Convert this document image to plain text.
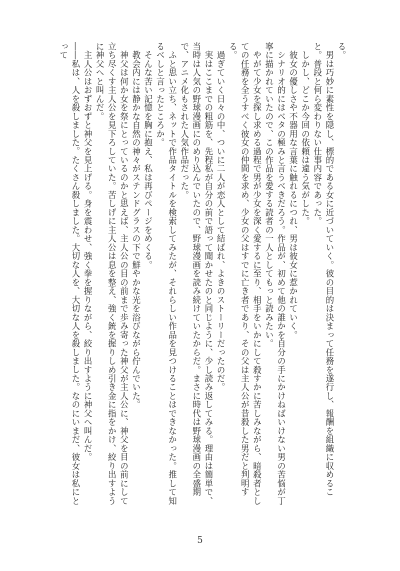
る。

　男は巧妙に素性を隠し、標的である女に近づいていく。彼の目的は決まって任務を遂行し、報酬を組織に収めること。普段と何ら変わりない仕事内容であった。

　しかし、どこか今回の依頼は違う気がした。

　彼女の優しさや不器用な言葉に触れるにつれ、男は彼女に惹かれていく。

　シナリオ的にはベタの極みと言うべきだろう。作品が、初めて他の誰かを自分の手にかけねばいけない男の苦悩が丁寧に描かれていたので、この作品を愛する読者の一人としてもっと読みたい。

　やがて少女を探し求める過程で男が少女を深く愛するに至り、相手をいかにして殺すかに苦しみながら、暗殺者としての任務を全うすべく彼女の仲間を求め、少女の父はすでに亡き者であり、その父は主人公が昔殺した男だと判明する。

　過ぎていく日々の中、ついに二人が恋人として結ばれ、よきのストーリーだったのだ。

　実はここまでの粗筋を、先程私が自分の前で語って聞かせたのと同じように、少し読み返してみる。理由は簡単で、当時は人気の野球漫画にのめり込んでいたので、野球漫画を読み続けていたからだ。まさに時代は野球漫画の全盛期で、アニメ化もされた人気作品だった。

　ふと思い立ち、ネットで作品タイトルを検索してみたが、それらしい作品を見つけることはできなかった。推して知るべしと言ったところか。

　そんな苦い記憶を胸に抱え、私は再びページをめくる。

　教会内には静かな自然の神々がステンドグラスの下で鮮やかな光を浴びながら佇んでいた。

　神父は何か女を祭にとっているのかと思えば、主人公の目の前まで歩み寄った神父が主人公に、神父を目の前にして立ち尽くす主人公を見下ろしていた。苦しげに主人公は息を整え、強く銃を握りしめ引き金に指をかけ、絞り出すように神父へと叫んだ。

　主人公はおずおずと神父を見上げる。身を震わせ、強く拳を握りながら、絞り出すように神父へ叫んだ。

――私は、人を殺しました。たくさん殺しました。大切な人を、大切な人を殺しました。なのにいまだ、彼女は私にとって

5
